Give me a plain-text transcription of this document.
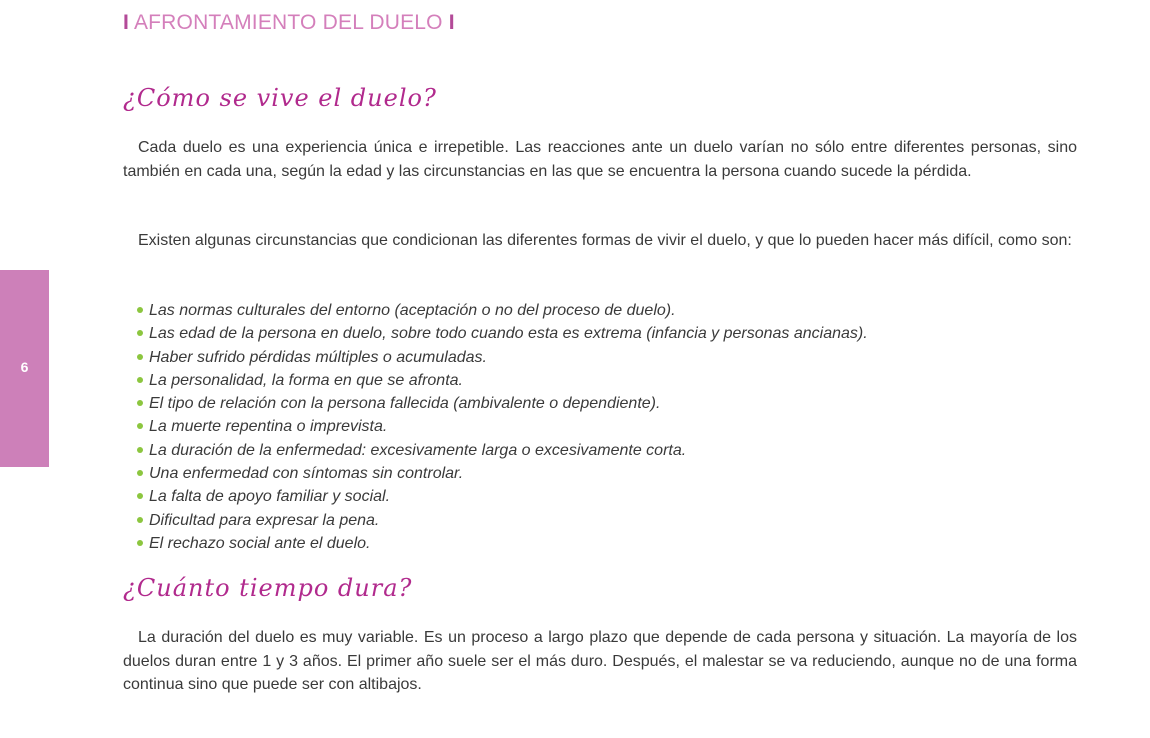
I AFRONTAMIENTO DEL DUELO I
6
¿Cómo se vive el duelo?

Cada duelo es una experiencia única e irrepetible. Las reacciones ante un duelo varían no sólo entre diferentes personas, sino también en cada una, según la edad y las circunstancias en las que se encuentra la persona cuando sucede la pérdida.

Existen algunas circunstancias que condicionan las diferentes formas de vivir el duelo, y que lo pueden hacer más difícil, como son:

Las normas culturales del entorno (aceptación o no del proceso de duelo).
Las edad de la persona en duelo, sobre todo cuando esta es extrema (infancia y personas ancianas).
Haber sufrido pérdidas múltiples o acumuladas.
La personalidad, la forma en que se afronta.
El tipo de relación con la persona fallecida (ambivalente o dependiente).
La muerte repentina o imprevista.
La duración de la enfermedad: excesivamente larga o excesivamente corta.
Una enfermedad con síntomas sin controlar.
La falta de apoyo familiar y social.
Dificultad para expresar la pena.
El rechazo social ante el duelo.
¿Cuánto tiempo dura?

La duración del duelo es muy variable. Es un proceso a largo plazo que depende de cada persona y situación. La mayoría de los duelos duran entre 1 y 3 años. El primer año suele ser el más duro. Después, el malestar se va reduciendo, aunque no de una forma continua sino que puede ser con altibajos.
